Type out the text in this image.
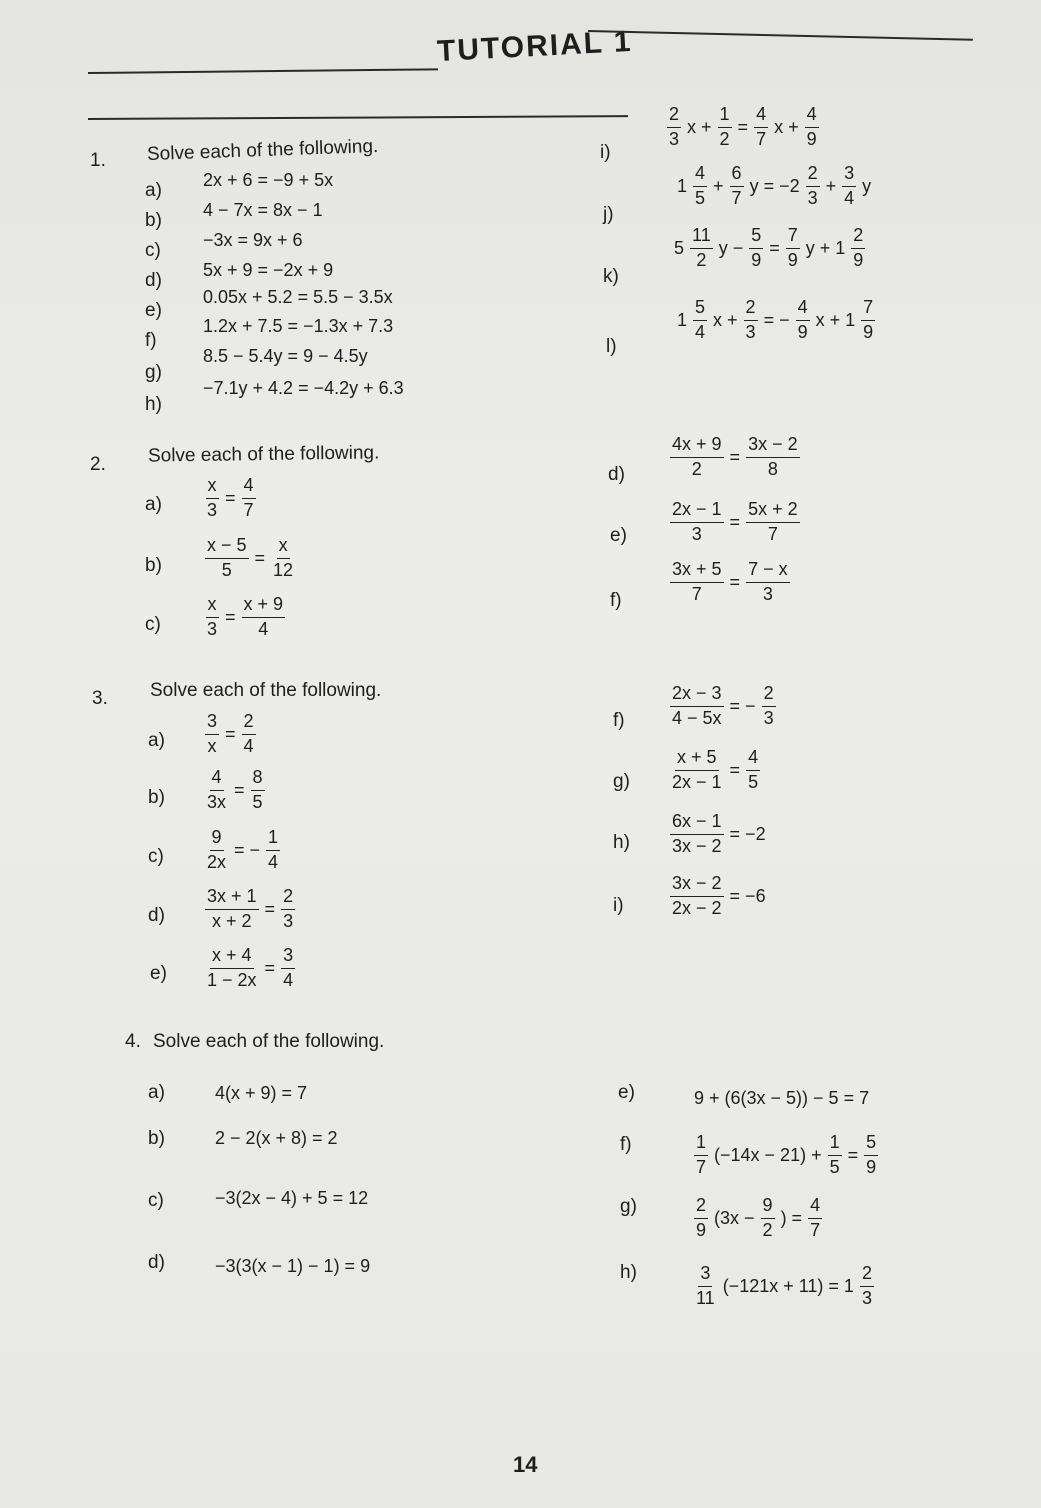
TUTORIAL 1
1. Solve each of the following.
a) 2x + 6 = −9 + 5x
b) 4 − 7x = 8x − 1
c) −3x = 9x + 6
d) 5x + 9 = −2x + 9
e)
0.05x + 5.2 = 5.5 − 3.5x
f)
1.2x + 7.5 = −1.3x + 7.3
g)
8.5 − 5.4y = 9 − 4.5y
h)
−7.1y + 4.2 = −4.2y + 6.3
i)
$\frac{2}{3}$ $x + \frac{1}{2} = \frac{4}{7}$ $x + \frac{4}{9}$
j)
$1 \frac{4}{5} + \frac{6}{7}$ $y = -2 \frac{2}{3} + \frac{3}{4}$ y
k)
$5 \frac{11}{2}$ $y - \frac{5}{9} = \frac{7}{9}$ $y + 1 \frac{2}{9}$
l)
$1 \frac{5}{4}$ $x + \frac{2}{3}$ = − $\frac{4}{9}$ $x + 1 \frac{7}{9}$
2. Solve each of the following.
$a) \frac{x}{3} = \frac{4}{7}$
$b) \frac{x - 5}{5} = \frac{x}{12}$
$c) \frac{x}{3} = \frac{x + 9}{4}$
d)	$\frac{4x + 9}{2} = \frac{3x - 2}{8}$
$e) \frac{2x - 1}{3} = \frac{5x + 2}{7}$
f)	$\frac{3x + 5}{7} = \frac{7 - x}{3}$
3. Solve each of the following.
$a) \frac{3}{x} = \frac{2}{4}$
$b) \frac{4}{3x} = \frac{8}{5}$
$c) \frac{9}{2x}$ = − $\frac{1}{4}$
$d) \frac{3x + 1}{x + 2} = \frac{2}{3}$
$e) \frac{x + 4}{1 - 2x} = \frac{3}{4}$
f)	$\frac{2x - 3}{4 - 5x}$ = − $\frac{2}{3}$
$g) \frac{x + 5}{2x - 1} = \frac{4}{5}$
$h) \frac{6x - 1}{3x - 2} = -2$
i)	$\frac{3x - 2}{2x - 2} = -6$
4. Solve each of the following.
a)	4(x + 9) = 7
b)	2 − 2(x + 8) = 2
c)	−3(2x − 4) + 5 = 12
d)	−3(3(x − 1) − 1) = 9
e)	9 + (6(3x − 5)) − 5 = 7
f)	$\frac{1}{7} (-14x - 21) + \frac{1}{5} = \frac{5}{9}$
g)	$\frac{2}{9} (3x - \frac{9}{2}$ ) = $\frac{4}{7}$
h)	$\frac{3}{11} (-121x + 11) = 1 \frac{2}{3}$
14
